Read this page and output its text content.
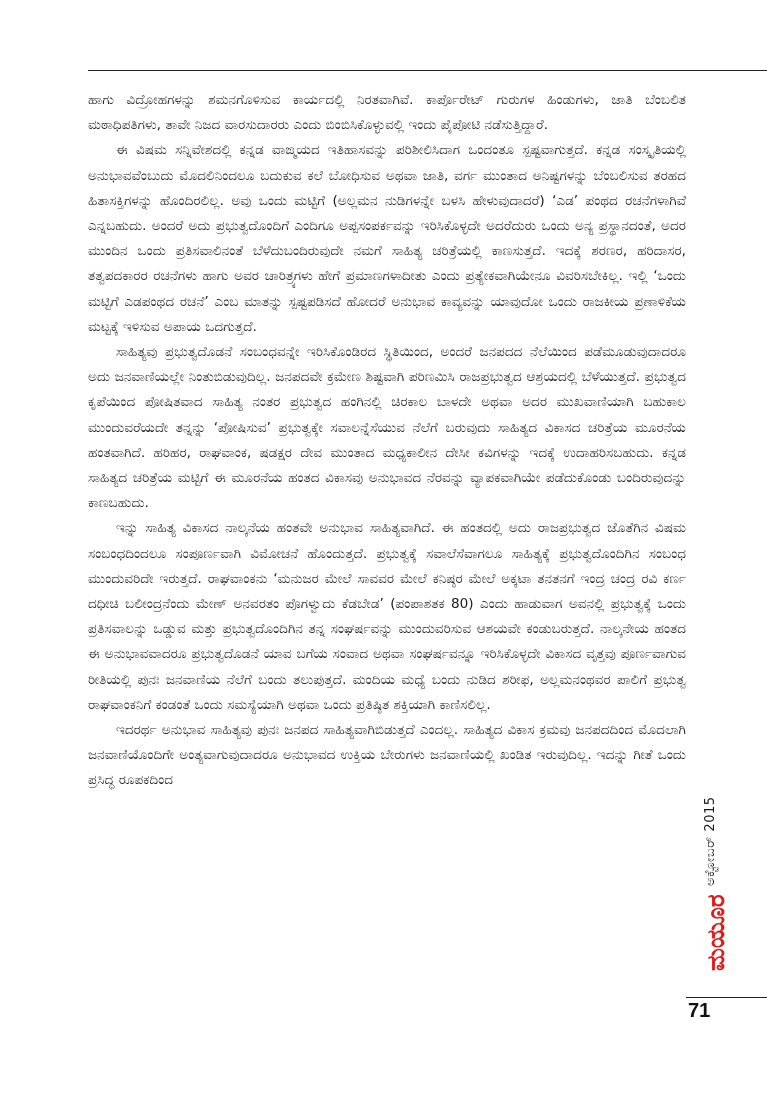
ಹಾಗು ವಿದ್ರೋಹಗಳನ್ನು ಶಮನಗೊಳಿಸುವ ಕಾರ್ಯದಲ್ಲಿ ನಿರತವಾಗಿವೆ. ಕಾರ್ಪೊರೇಟ್ ಗುರುಗಳ ಹಿಂಡುಗಳು, ಜಾತಿ ಬೆಂಬಲಿತ ಮಠಾಧಿಪತಿಗಳು, ತಾವೇ ನಿಜದ ವಾರಸುದಾರರು ಎಂದು ಬಿಂಬಿಸಿಕೊಳ್ಳುವಲ್ಲಿ ಇಂದು ಪೈಪೋಟಿ ನಡೆಸುತ್ತಿದ್ದಾರೆ.

ಈ ವಿಷಮ ಸನ್ನಿವೇಶದಲ್ಲಿ ಕನ್ನಡ ವಾಙ್ಮಯದ ಇತಿಹಾಸವನ್ನು ಪರಿಶೀಲಿಸಿದಾಗ ಒಂದಂತೂ ಸ್ಪಷ್ಟವಾಗುತ್ತದೆ. ಕನ್ನಡ ಸಂಸ್ಕೃತಿಯಲ್ಲಿ ಅನುಭಾವವೆಂಬುದು ಮೊದಲಿನಿಂದಲೂ ಬದುಕುವ ಕಲೆ ಬೋಧಿಸುವ ಅಥವಾ ಜಾತಿ, ವರ್ಗ ಮುಂತಾದ ಅನಿಷ್ಟಗಳನ್ನು ಬೆಂಬಲಿಸುವ ತರಹದ ಹಿತಾಸಕ್ತಿಗಳನ್ನು ಹೊಂದಿರಲಿಲ್ಲ. ಅವು ಒಂದು ಮಟ್ಟಿಗೆ (ಅಲ್ಲಮನ ನುಡಿಗಳನ್ನೇ ಬಳಸಿ ಹೇಳುವುದಾದರೆ) ‘ಎಡ’ ಪಂಥದ ರಚನೆಗಳಾಗಿವೆ ಎನ್ನಬಹುದು. ಅಂದರೆ ಅದು ಪ್ರಭುತ್ವದೊಂದಿಗೆ ಎಂದಿಗೂ ಅಪ್ಪಸಂಪರ್ಕವನ್ನು ಇರಿಸಿಕೊಳ್ಳದೇ ಅದರೆದುರು ಒಂದು ಅನ್ಯ ಪ್ರಸ್ಥಾನದಂತೆ, ಅದರ ಮುಂದಿನ ಒಂದು ಪ್ರತಿಸವಾಲಿನಂತೆ ಬೆಳೆದುಬಂದಿರುವುದೇ ನಮಗೆ ಸಾಹಿತ್ಯ ಚರಿತ್ರೆಯಲ್ಲಿ ಕಾಣಸುತ್ತದೆ. ಇದಕ್ಕೆ ಶರಣರ, ಹರಿದಾಸರ, ತತ್ವಪದಕಾರರ ರಚನೆಗಳು ಹಾಗು ಅವರ ಚಾರಿತ್ರ್ಯಗಳು ಹೇಗೆ ಪ್ರಮಾಣಗಳಾದೀತು ಎಂದು ಪ್ರತ್ಯೇಕವಾಗಿಯೇನೂ ವಿವರಿಸಬೇಕಿಲ್ಲ. ಇಲ್ಲಿ ‘ಒಂದು ಮಟ್ಟಿಗೆ ಎಡಪಂಥದ ರಚನೆ’ ಎಂಬ ಮಾತನ್ನು ಸ್ಪಷ್ಟಪಡಿಸದೆ ಹೋದರೆ ಅನುಭಾವ ಕಾವ್ಯವನ್ನು ಯಾವುದೋ ಒಂದು ರಾಜಕೀಯ ಪ್ರಣಾಳಿಕೆಯ ಮಟ್ಟಕ್ಕೆ ಇಳಿಸುವ ಅಪಾಯ ಒದಗುತ್ತದೆ.

ಸಾಹಿತ್ಯವು ಪ್ರಭುತ್ವದೊಡನೆ ಸಂಬಂಧವನ್ನೇ ಇರಿಸಿಕೊಂಡಿರದ ಸ್ಥಿತಿಯಿಂದ, ಅಂದರೆ ಜನಪದದ ನೆಲೆಯಿಂದ ಪಡೆಮೂಡುವುದಾದರೂ ಅದು ಜನವಾಣಿಯಲ್ಲೇ ನಿಂತುಬಿಡುವುದಿಲ್ಲ. ಜನಪದವೇ ಕ್ರಮೇಣ ಶಿಷ್ಟವಾಗಿ ಪರಿಣಮಿಸಿ ರಾಜಪ್ರಭುತ್ವದ ಆಶ್ರಯದಲ್ಲಿ ಬೆಳೆಯುತ್ತದೆ. ಪ್ರಭುತ್ವದ ಕೃಪೆಯಿಂದ ಪೋಷಿತವಾದ ಸಾಹಿತ್ಯ ನಂತರ ಪ್ರಭುತ್ವದ ಹಂಗಿನಲ್ಲಿ ಚಿರಕಾಲ ಬಾಳದೇ ಅಥವಾ ಅದರ ಮುಖವಾಣಿಯಾಗಿ ಬಹುಕಾಲ ಮುಂದುವರೆಯದೇ ತನ್ನನ್ನು ‘ಪೋಷಿಸುವ’ ಪ್ರಭುತ್ವಕ್ಕೇ ಸವಾಲನ್ನೆಸೆಯುವ ನೆಲೆಗೆ ಬರುವುದು ಸಾಹಿತ್ಯದ ವಿಕಾಸದ ಚರಿತ್ರೆಯ ಮೂರನೆಯ ಹಂತವಾಗಿದೆ. ಹರಿಹರ, ರಾಘವಾಂಕ, ಷಡಕ್ಷರ ದೇವ ಮುಂತಾದ ಮಧ್ಯಕಾಲೀನ ದೇಸೀ ಕವಿಗಳನ್ನು ಇದಕ್ಕೆ ಉದಾಹರಿಸಬಹುದು. ಕನ್ನಡ ಸಾಹಿತ್ಯದ ಚರಿತ್ರೆಯ ಮಟ್ಟಿಗೆ ಈ ಮೂರನೆಯ ಹಂತದ ವಿಕಾಸವು ಅನುಭಾವದ ನೆರವನ್ನು ವ್ಯಾಪಕವಾಗಿಯೇ ಪಡೆದುಕೊಂಡು ಬಂದಿರುವುದನ್ನು ಕಾಣಬಹುದು.

ಇನ್ನು ಸಾಹಿತ್ಯ ವಿಕಾಸದ ನಾಲ್ಕನೆಯ ಹಂತವೇ ಅನುಭಾವ ಸಾಹಿತ್ಯವಾಗಿದೆ. ಈ ಹಂತದಲ್ಲಿ ಅದು ರಾಜಪ್ರಭುತ್ವದ ಜೊತೆಗಿನ ವಿಷಮ ಸಂಬಂಧದಿಂದಲೂ ಸಂಪೂರ್ಣವಾಗಿ ವಿಮೋಚನೆ ಹೊಂದುತ್ತದೆ. ಪ್ರಭುತ್ವಕ್ಕೆ ಸವಾಲೆಸೆವಾಗಲೂ ಸಾಹಿತ್ಯಕ್ಕೆ ಪ್ರಭುತ್ವದೊಂದಿಗಿನ ಸಂಬಂಧ ಮುಂದುವರಿದೇ ಇರುತ್ತದೆ. ರಾಘವಾಂಕನು ‘ಮನುಜರ ಮೇಲೆ ಸಾವವರ ಮೇಲೆ ಕನಿಷ್ಠರ ಮೇಲೆ ಅಕ್ಕಟಾ ತನತನಗೆ ಇಂದ್ರ ಚಂದ್ರ ರವಿ ಕರ್ಣ ದಧೀಚಿ ಬಲೀಂದ್ರನೆಂದು ಮೇಣ್ ಅನವರತಂ ಪೊಗಳ್ವುದು ಕೆಡಬೇಡ’ (ಪಂಪಾಶತಕ 80) ಎಂದು ಹಾಡುವಾಗ ಅವನಲ್ಲಿ ಪ್ರಭುತ್ವಕ್ಕೆ ಒಂದು ಪ್ರತಿಸವಾಲನ್ನು ಒಡ್ಡುವ ಮತ್ತು ಪ್ರಭುತ್ವದೊಂದಿಗಿನ ತನ್ನ ಸಂಘರ್ಷವನ್ನು ಮುಂದುವರಿಸುವ ಆಶಯವೇ ಕಂಡುಬರುತ್ತದೆ. ನಾಲ್ಕನೇಯ ಹಂತದ ಈ ಅನುಭಾವವಾದರೂ ಪ್ರಭುತ್ವದೊಡನೆ ಯಾವ ಬಗೆಯ ಸಂವಾದ ಅಥವಾ ಸಂಘರ್ಷವನ್ನೂ ಇರಿಸಿಕೊಳ್ಳದೇ ವಿಕಾಸದ ವೃತ್ತವು ಪೂರ್ಣವಾಗುವ ರೀತಿಯಲ್ಲಿ ಪುನಃ ಜನವಾಣಿಯ ನೆಲೆಗೆ ಬಂದು ತಲುಪುತ್ತದೆ. ಮಂದಿಯ ಮಧ್ಯೆ ಬಂದು ನುಡಿದ ಶರೀಫ, ಅಲ್ಲಮನಂಥವರ ಪಾಲಿಗೆ ಪ್ರಭುತ್ವ ರಾಘವಾಂಕನಿಗೆ ಕಂಡಂತೆ ಒಂದು ಸಮಸ್ಯೆಯಾಗಿ ಅಥವಾ ಒಂದು ಪ್ರತಿಷ್ಠಿತ ಶಕ್ತಿಯಾಗಿ ಕಾಣಿಸಲಿಲ್ಲ.

ಇದರರ್ಥ ಅನುಭಾವ ಸಾಹಿತ್ಯವು ಪುನಃ ಜನಪದ ಸಾಹಿತ್ಯವಾಗಿಬಿಡುತ್ತದೆ ಎಂದಲ್ಲ. ಸಾಹಿತ್ಯದ ವಿಕಾಸ ಕ್ರಮವು ಜನಪದದಿಂದ ಮೊದಲಾಗಿ ಜನವಾಣಿಯೊಂದಿಗೇ ಅಂತ್ಯವಾಗುವುದಾದರೂ ಅನುಭಾವದ ಉಕ್ತಿಯ ಬೇರುಗಳು ಜನವಾಣಿಯಲ್ಲಿ ಖಂಡಿತ ಇರುವುದಿಲ್ಲ. ಇದನ್ನು ಗೀತೆ ಒಂದು ಪ್ರಸಿದ್ಧ ರೂಪಕದಿಂದ

ಅಕ್ಟೋಬರ್ 2015
ಮಯೂರ
71
